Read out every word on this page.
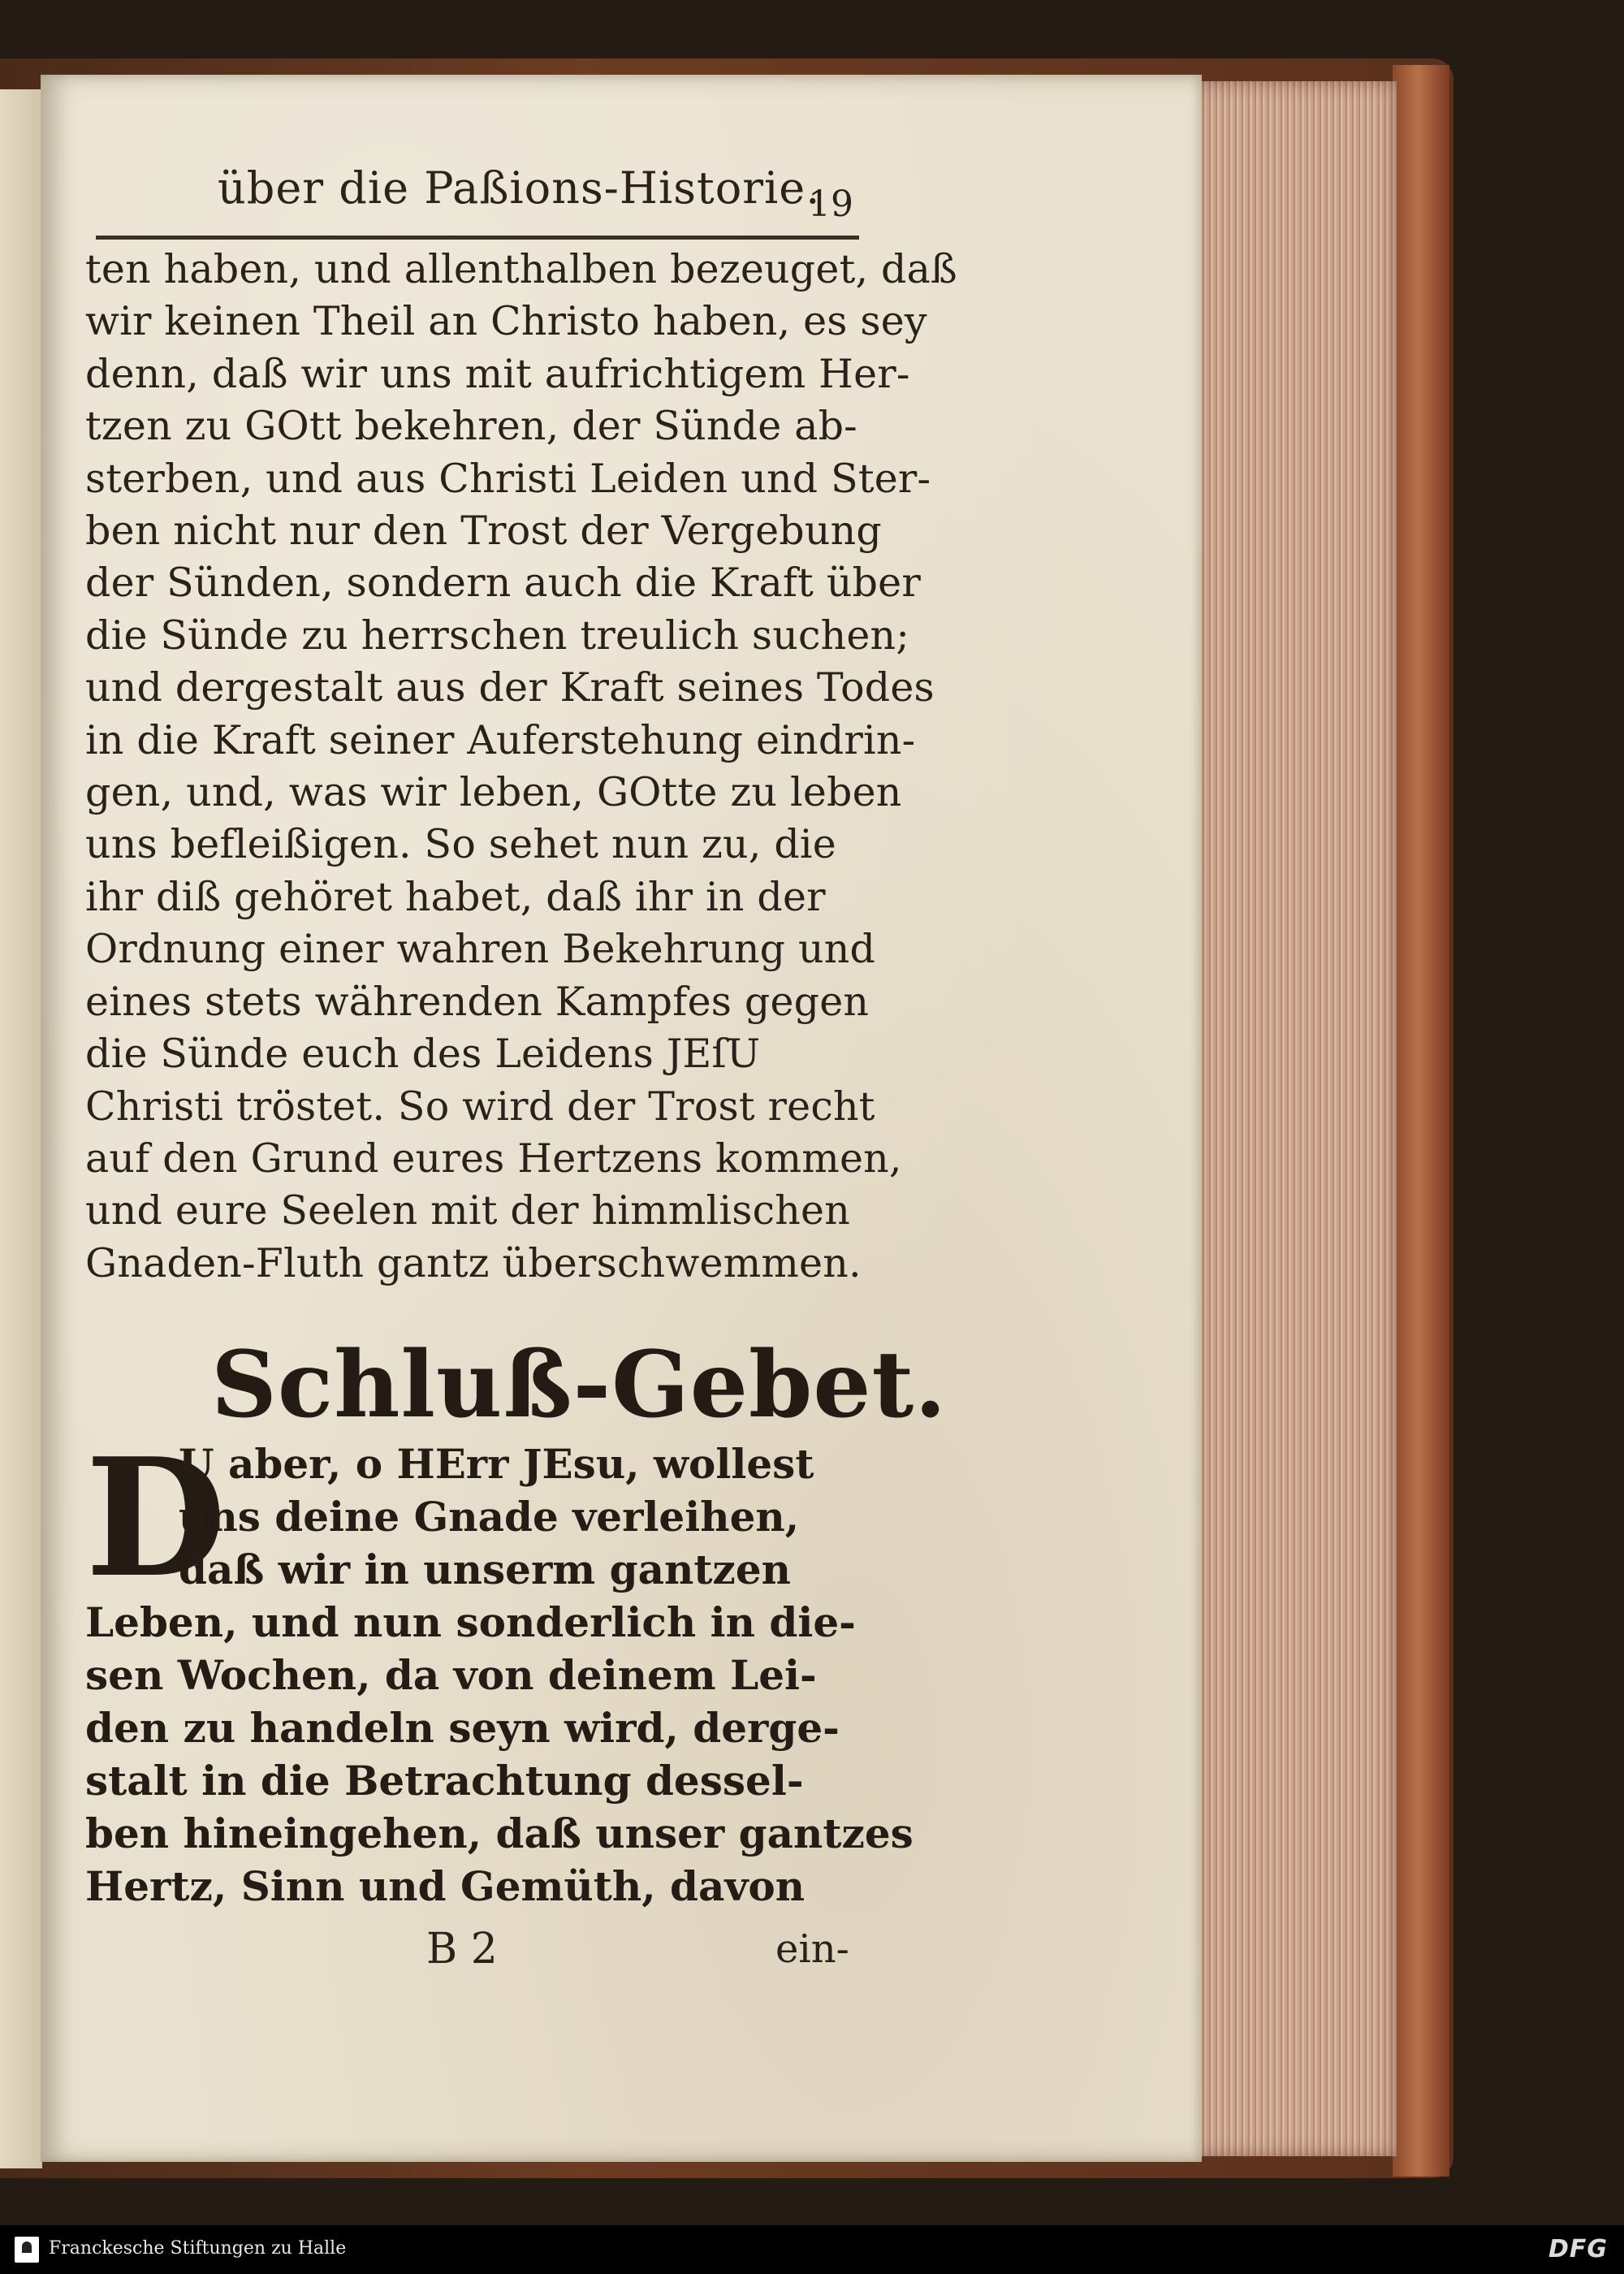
über die Paßions-Historie.
19
ten haben, und allenthalben bezeuget, daß
wir keinen Theil an Christo haben, es sey
denn, daß wir uns mit aufrichtigem Her-
tzen zu GOtt bekehren, der Sünde ab-
sterben, und aus Christi Leiden und Ster-
ben nicht nur den Trost der Vergebung
der Sünden, sondern auch die Kraft über
die Sünde zu herrschen treulich suchen;
und dergestalt aus der Kraft seines Todes
in die Kraft seiner Auferstehung eindrin-
gen, und, was wir leben, GOtte zu leben
uns befleißigen. So sehet nun zu, die
ihr diß gehöret habet, daß ihr in der
Ordnung einer wahren Bekehrung und
eines stets währenden Kampfes gegen
die Sünde euch des Leidens JEſU
Christi tröstet. So wird der Trost recht
auf den Grund eures Hertzens kommen,
und eure Seelen mit der himmlischen
Gnaden-Fluth gantz überschwemmen.
Schluß-Gebet.
D
U aber, o HErr JEsu, wollest
uns deine Gnade verleihen,
daß wir in unserm gantzen
Leben, und nun sonderlich in die-
sen Wochen, da von deinem Lei-
den zu handeln seyn wird, derge-
stalt in die Betrachtung dessel-
ben hineingehen, daß unser gantzes
Hertz, Sinn und Gemüth, davon
B 2	ein-
Franckesche Stiftungen zu Halle	DFG
